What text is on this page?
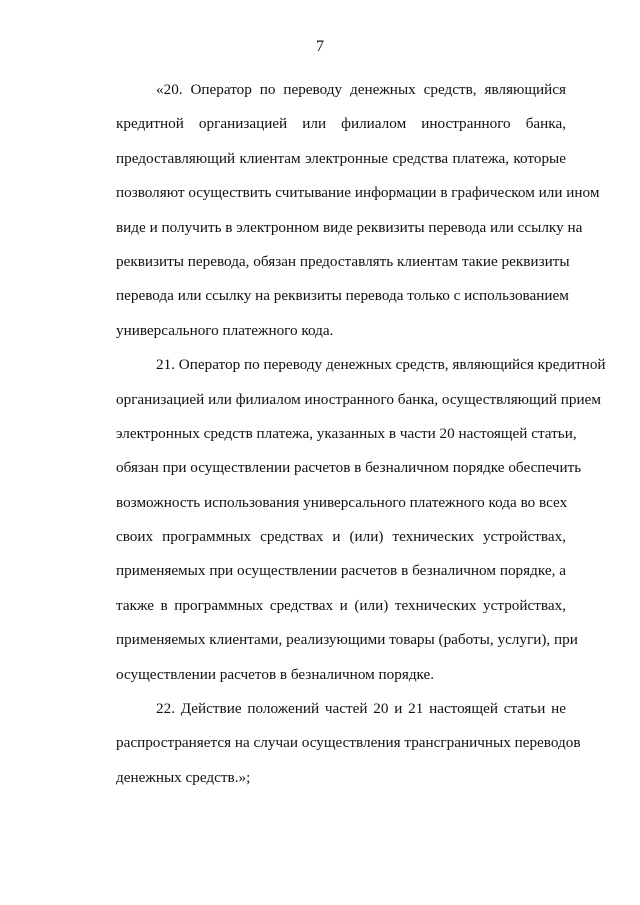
7
«20. Оператор по переводу денежных средств, являющийся
кредитной организацией или филиалом иностранного банка,
предоставляющий клиентам электронные средства платежа, которые
позволяют осуществить считывание информации в графическом или ином
виде и получить в электронном виде реквизиты перевода или ссылку на
реквизиты перевода, обязан предоставлять клиентам такие реквизиты
перевода или ссылку на реквизиты перевода только с использованием
универсального платежного кода.
21. Оператор по переводу денежных средств, являющийся кредитной
организацией или филиалом иностранного банка, осуществляющий прием
электронных средств платежа, указанных в части 20 настоящей статьи,
обязан при осуществлении расчетов в безналичном порядке обеспечить
возможность использования универсального платежного кода во всех
своих программных средствах и (или) технических устройствах,
применяемых при осуществлении расчетов в безналичном порядке, а
также в программных средствах и (или) технических устройствах,
применяемых клиентами, реализующими товары (работы, услуги), при
осуществлении расчетов в безналичном порядке.
22. Действие положений частей 20 и 21 настоящей статьи не
распространяется на случаи осуществления трансграничных переводов
денежных средств.»;
